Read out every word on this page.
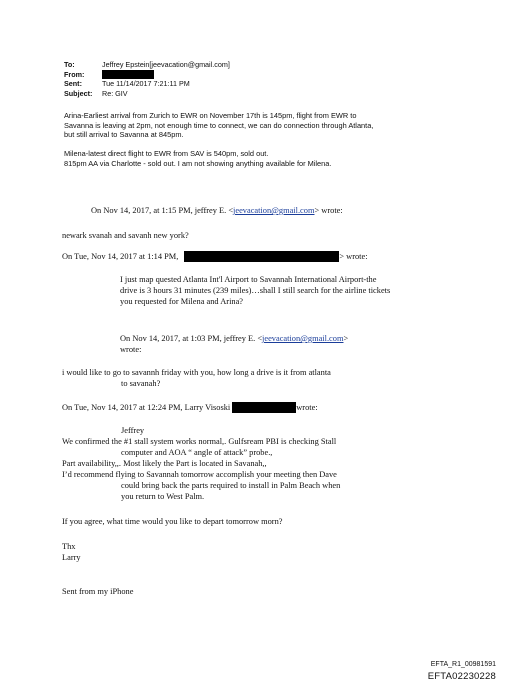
To:	Jeffrey Epstein[jeevacation@gmail.com]
From:
Sent:	Tue 11/14/2017 7:21:11 PM
Subject:	Re: GIV
Arina-Earliest arrival from Zurich to EWR on November 17th is 145pm, flight from EWR to
Savanna is leaving at 2pm, not enough time to connect, we can do connection through Atlanta,
but still arrival to Savanna at 845pm.
Milena-latest direct flight to EWR from SAV is 540pm, sold out.
815pm AA via Charlotte - sold out. I am not showing anything available for Milena.
On Nov 14, 2017, at 1:15 PM, jeffrey E. <jeevacation@gmail.com> wrote:
newark svanah and savanh new york?
On Tue, Nov 14, 2017 at 1:14 PM,	> wrote:
I just map quested Atlanta Int'l Airport to Savannah International Airport-the
drive is 3 hours 31 minutes (239 miles)…shall I still search for the airline tickets
you requested for Milena and Arina?
On Nov 14, 2017, at 1:03 PM, jeffrey E. <jeevacation@gmail.com>
wrote:
i would like to go to savannh friday with you, how long a drive is it from atlanta
to savanah?
On Tue, Nov 14, 2017 at 12:24 PM, Larry Visoski	wrote:
Jeffrey
We confirmed the #1 stall system works normal,. Gulfsream PBI is checking Stall
computer and AOA “ angle of attack” probe.,
Part availability,,. Most likely the Part is located in Savanah,,
I’d recommend flying to Savannah tomorrow accomplish your meeting then Dave
could bring back the parts required to install in Palm Beach when
you return to West Palm.
If you agree, what time would you like to depart tomorrow morn?
Thx
Larry
Sent from my iPhone
EFTA_R1_00981591
EFTA02230228
